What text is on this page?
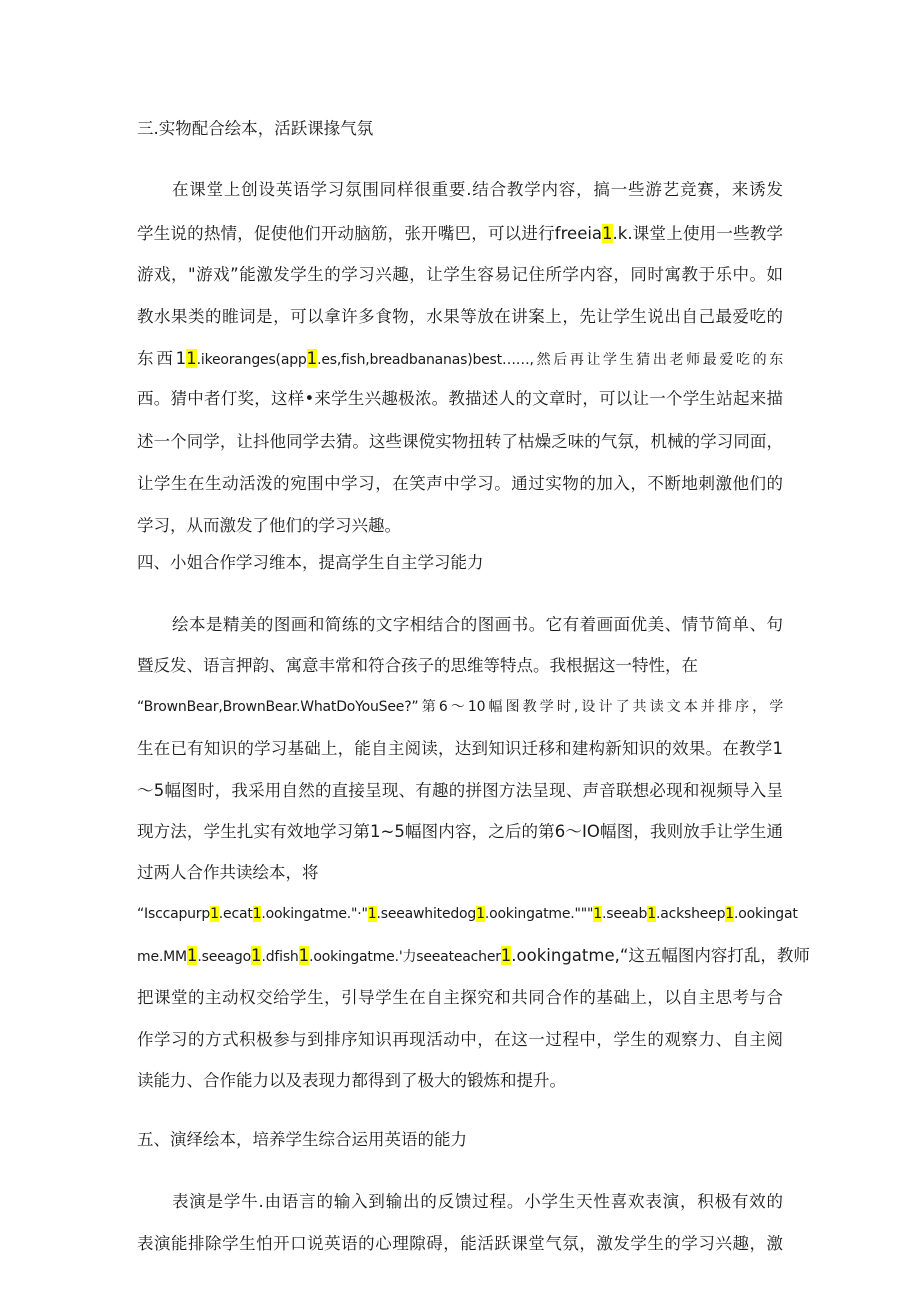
三.实物配合绘本，活跃课掾气氛
在课堂上创设英语学习氛围同样很重要.结合教学内容，搞一些游艺竞赛，来诱发
学生说的热情，促使他们开动脑筋，张开嘴巴，可以进行freeia1.k.课堂上使用一些教学
游戏，"游戏”能激发学生的学习兴趣，让学生容易记住所学内容，同时寓教于乐中。如
教水果类的睢词是，可以拿许多食物，水果等放在讲案上，先让学生说出自己最爱吃的
东西11.ikeoranges(app1.es,fish,breadbananas)best……,然后再让学生猜出老师最爱吃的东
西。猜中者仃奖，这样•来学生兴趣极浓。教描述人的文章时，可以让一个学生站起来描
述一个同学，让抖他同学去猜。这些课傥实物扭转了枯燥乏味的气氛，机械的学习同面，
让学生在生动活泼的宛围中学习，在笑声中学习。通过实物的加入，不断地刺激他们的
学习，从而激发了他们的学习兴趣。
四、小姐合作学习维本，提高学生自主学习能力
绘本是精美的图画和简练的文字相结合的图画书。它有着画面优美、情节简单、句
暨反发、语言押韵、寓意丰常和符合孩子的思维等特点。我根据这一特性，在
“BrownBear,BrownBear.WhatDoYouSee?”第6〜10幅图教学时,设计了共读文本并排序，学
生在已有知识的学习基础上，能自主阅读，达到知识迁移和建构新知识的效果。在教学1
〜5幅图时，我采用自然的直接呈现、有趣的拼图方法呈现、声音联想必现和视频导入呈
现方法，学生扎实有效地学习第1~5幅图内容，之后的第6〜IO幅图，我则放手让学生通
过两人合作共读绘本，将
“Isccapurp1.ecat1.ookingatme."·"1.seeawhitedog1.ookingatme."""1.seeab1.acksheep1.ookingat
me.MM1.seeago1.dfish1.ookingatme.'力seeateacher1.ookingatme,“这五幅图内容打乱，教师
把课堂的主动权交给学生，引导学生在自主探究和共同合作的基础上，以自主思考与合
作学习的方式积极参与到排序知识再现活动中，在这一过程中，学生的观察力、自主阅
读能力、合作能力以及表现力都得到了极大的锻炼和提升。
五、演绎绘本，培养学生综合运用英语的能力
表演是学牛.由语言的输入到输出的反馈过程。小学生天性喜欢表演，积极有效的
表演能排除学生怕开口说英语的心理隙碍，能活跃课堂气氛，激发学生的学习兴趣，激
